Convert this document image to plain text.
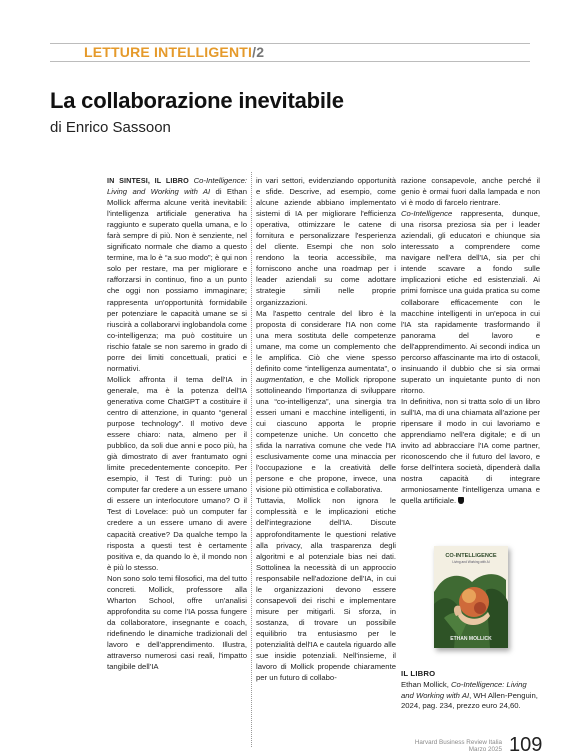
LETTURE INTELLIGENTI/2
La collaborazione inevitabile
di Enrico Sassoon

IN SINTESI, IL LIBRO Co-Intelligence: Living and Working with AI di Ethan Mollick afferma alcune verità inevitabili: l'intelligenza artificiale generativa ha raggiunto e superato quella umana, e lo farà sempre di più. Non è senziente, nel significato normale che diamo a questo termine, ma lo è “a suo modo”; è qui non solo per restare, ma per migliorare e rafforzarsi in continuo, fino a un punto che oggi non possiamo immaginare; rappresenta un'opportunità formidabile per potenziare le capacità umane se si riuscirà a collaborarvi inglobandola come co-intelligenza; ma può costituire un rischio fatale se non saremo in grado di porre dei limiti concettuali, pratici e normativi.

Mollick affronta il tema dell'IA in generale, ma è la potenza dell'IA generativa come ChatGPT a costituire il centro di attenzione, in quanto “general purpose technology”. Il motivo deve essere chiaro: nata, almeno per il pubblico, da soli due anni e poco più, ha già dimostrato di aver frantumato ogni limite precedentemente concepito. Per esempio, il Test di Turing: può un computer far credere a un essere umano di essere un interlocutore umano? O il Test di Lovelace: può un computer far credere a un essere umano di avere capacità creative? Da qualche tempo la risposta a questi test è certamente positiva e, da quando lo è, il mondo non è più lo stesso.

Non sono solo temi filosofici, ma del tutto concreti. Mollick, professore alla Wharton School, offre un'analisi approfondita su come l'IA possa fungere da collaboratore, insegnante e coach, ridefinendo le dinamiche tradizionali del lavoro e dell'apprendimento. Illustra, attraverso numerosi casi reali, l'impatto tangibile dell'IA

in vari settori, evidenziando opportunità e sfide. Descrive, ad esempio, come alcune aziende abbiano implementato sistemi di IA per migliorare l'efficienza operativa, ottimizzare le catene di fornitura e personalizzare l'esperienza del cliente. Esempi che non solo rendono la teoria accessibile, ma forniscono anche una roadmap per i leader aziendali su come adottare strategie simili nelle proprie organizzazioni.

Ma l'aspetto centrale del libro è la proposta di considerare l'IA non come una mera sostituta delle competenze umane, ma come un complemento che le amplifica. Ciò che viene spesso definito come “intelligenza aumentata”, o augmentation, e che Mollick ripropone sottolineando l'importanza di sviluppare una “co-intelligenza”, una sinergia tra esseri umani e macchine intelligenti, in cui ciascuno apporta le proprie competenze uniche. Un concetto che sfida la narrativa comune che vede l'IA esclusivamente come una minaccia per l'occupazione e la creatività delle persone e che propone, invece, una visione più ottimistica e collaborativa.

Tuttavia, Mollick non ignora le complessità e le implicazioni etiche dell'integrazione dell'IA. Discute approfonditamente le questioni relative alla privacy, alla trasparenza degli algoritmi e al potenziale bias nei dati. Sottolinea la necessità di un approccio responsabile nell'adozione dell'IA, in cui le organizzazioni devono essere consapevoli dei rischi e implementare misure per mitigarli. Si sforza, in sostanza, di trovare un possibile equilibrio tra entusiasmo per le potenzialità dell'IA e cautela riguardo alle sue insidie potenziali. Nell'insieme, il lavoro di Mollick propende chiaramente per un futuro di collabo-

razione consapevole, anche perché il genio è ormai fuori dalla lampada e non vi è modo di farcelo rientrare.

Co-Intelligence rappresenta, dunque, una risorsa preziosa sia per i leader aziendali, gli educatori e chiunque sia interessato a comprendere come navigare nell'era dell'IA, sia per chi intende scavare a fondo sulle implicazioni etiche ed esistenziali. Ai primi fornisce una guida pratica su come collaborare efficacemente con le macchine intelligenti in un'epoca in cui l'IA sta rapidamente trasformando il panorama del lavoro e dell'apprendimento. Ai secondi indica un percorso affascinante ma irto di ostacoli, insinuando il dubbio che si sia ormai superato un inquietante punto di non ritorno.

In definitiva, non si tratta solo di un libro sull'IA, ma di una chiamata all'azione per ripensare il modo in cui lavoriamo e apprendiamo nell'era digitale; e di un invito ad abbracciare l'IA come partner, riconoscendo che il futuro del lavoro, e forse dell'intera società, dipenderà dalla nostra capacità di integrare armoniosamente l'intelligenza umana e quella artificiale.

CO-INTELLIGENCE
Living and Working with AI
ETHAN MOLLICK
IL LIBRO
Ethan Mollick, Co-Intelligence: Living and Working with AI, WH Allen-Penguin, 2024, pag. 234, prezzo euro 24,60.
Harvard Business Review Italia
Marzo 2025 109
